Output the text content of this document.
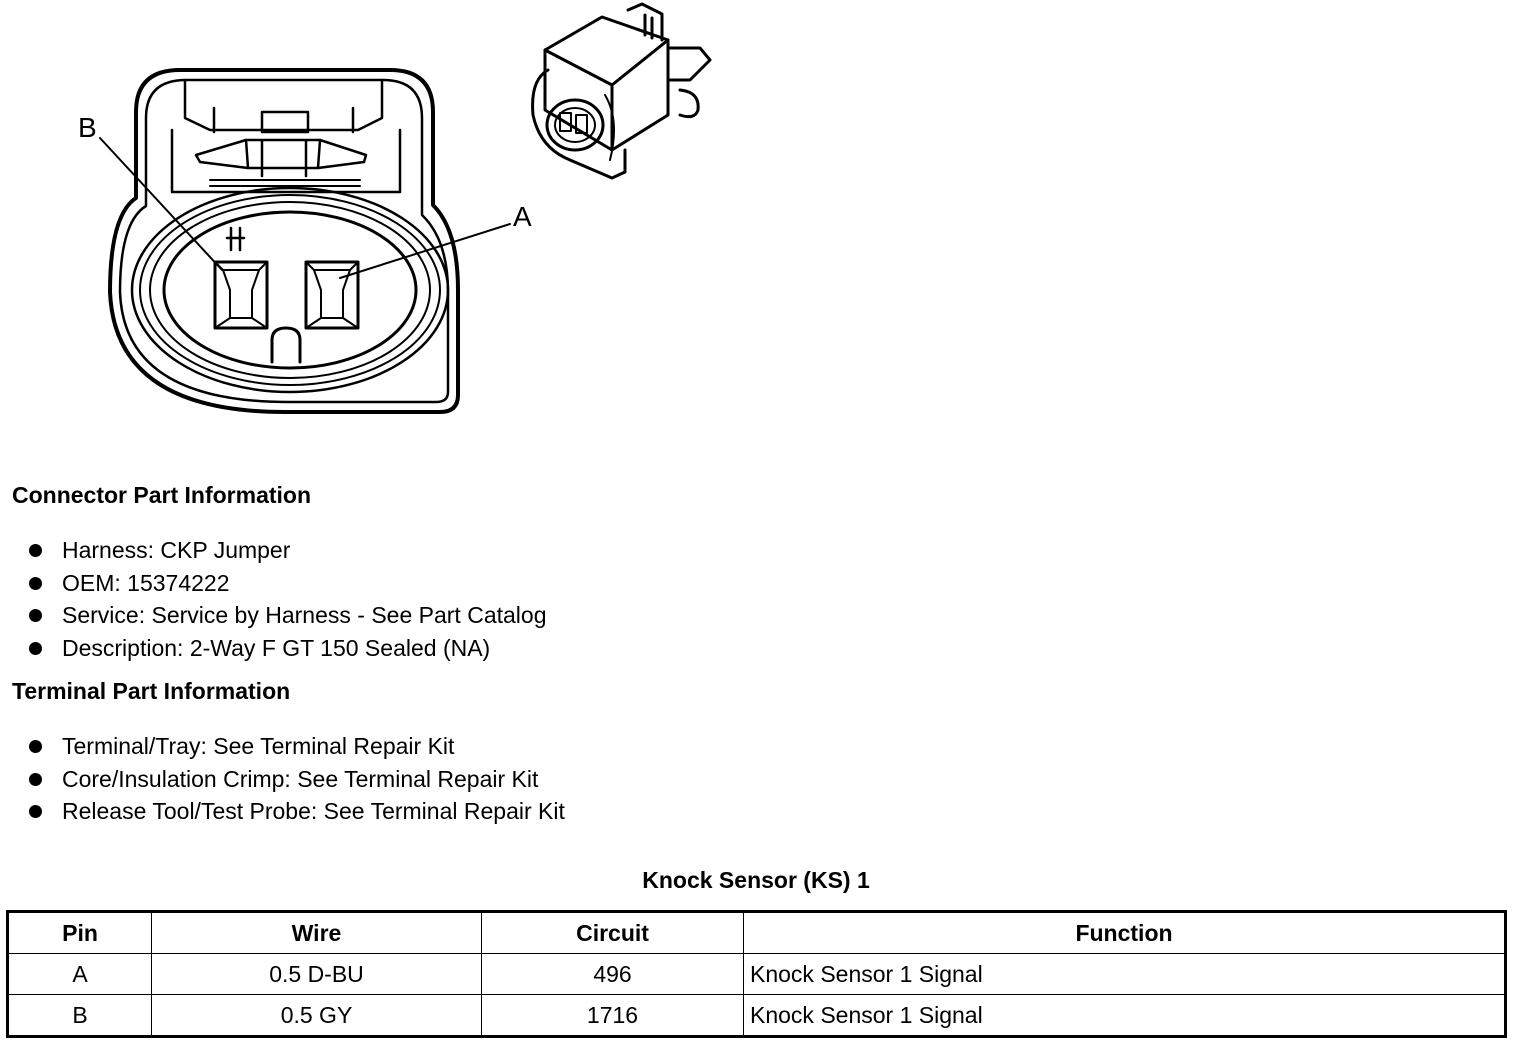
B
A
Connector Part Information
Harness: CKP Jumper
OEM: 15374222
Service: Service by Harness - See Part Catalog
Description: 2-Way F GT 150 Sealed (NA)
Terminal Part Information
Terminal/Tray: See Terminal Repair Kit
Core/Insulation Crimp: See Terminal Repair Kit
Release Tool/Test Probe: See Terminal Repair Kit
Knock Sensor (KS) 1
Pin	Wire	Circuit	Function
A	0.5 D-BU	496	Knock Sensor 1 Signal
B	0.5 GY	1716	Knock Sensor 1 Signal
